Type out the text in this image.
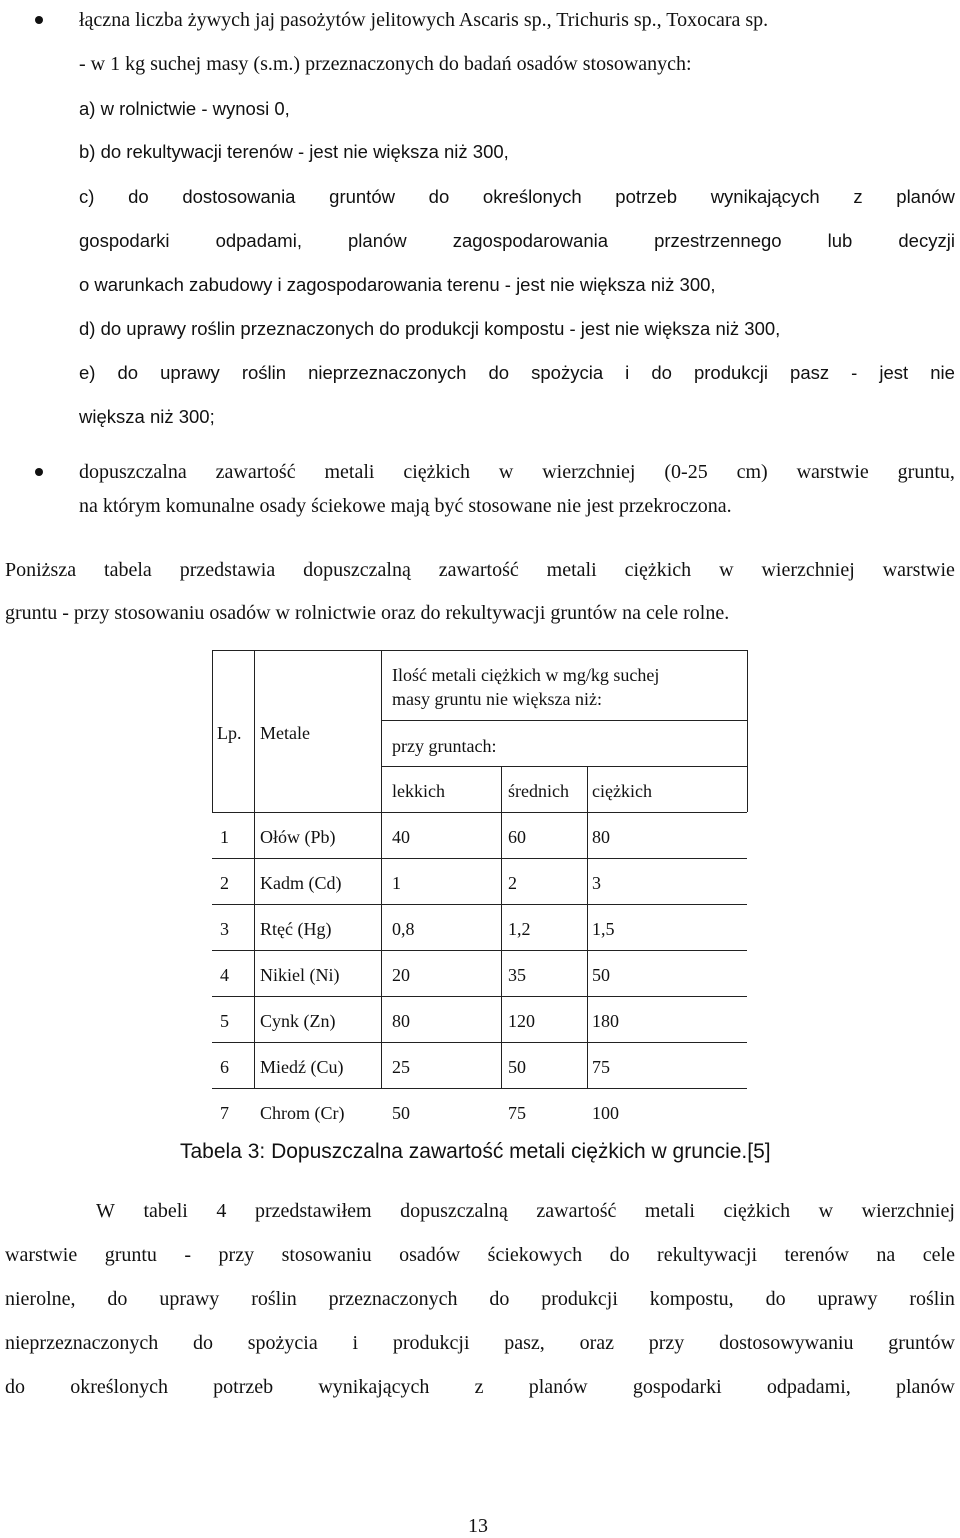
łączna liczba żywych jaj pasożytów jelitowych Ascaris sp., Trichuris sp., Toxocara sp.
- w 1 kg suchej masy (s.m.) przeznaczonych do badań osadów stosowanych:
a) w rolnictwie - wynosi 0,
b) do rekultywacji terenów - jest nie większa niż 300,
c) do dostosowania gruntów do określonych potrzeb wynikających z planów
gospodarki odpadami, planów zagospodarowania przestrzennego lub decyzji
o warunkach zabudowy i zagospodarowania terenu - jest nie większa niż 300,
d) do uprawy roślin przeznaczonych do produkcji kompostu - jest nie większa niż 300,
e) do uprawy roślin nieprzeznaczonych do spożycia i do produkcji pasz - jest nie
większa niż 300;
dopuszczalna zawartość metali ciężkich w wierzchniej (0-25 cm) warstwie gruntu,
na którym komunalne osady ściekowe mają być stosowane nie jest przekroczona.
Poniższa tabela przedstawia dopuszczalną zawartość metali ciężkich w wierzchniej warstwie
gruntu - przy stosowaniu osadów w rolnictwie oraz do rekultywacji gruntów na cele rolne.
Lp. Metale
Ilość metali ciężkich w mg/kg suchej
masy gruntu nie większa niż:
przy gruntach:
lekkich	średnich ciężkich
1 Ołów (Pb)	40	60	80
2 Kadm (Cd)	1	2	3
3 Rtęć (Hg)	0,8	1,2	1,5
4 Nikiel (Ni)	20	35	50
5 Cynk (Zn)	80	120	180
6 Miedź (Cu)	25	50	75
7 Chrom (Cr)	50	75	100
Tabela 3: Dopuszczalna zawartość metali ciężkich w gruncie.[5]
W tabeli 4 przedstawiłem dopuszczalną zawartość metali ciężkich w wierzchniej
warstwie gruntu - przy stosowaniu osadów ściekowych do rekultywacji terenów na cele
nierolne, do uprawy roślin przeznaczonych do produkcji kompostu, do uprawy roślin
nieprzeznaczonych do spożycia i produkcji pasz, oraz przy dostosowywaniu gruntów
do określonych potrzeb wynikających z planów gospodarki odpadami, planów
13
